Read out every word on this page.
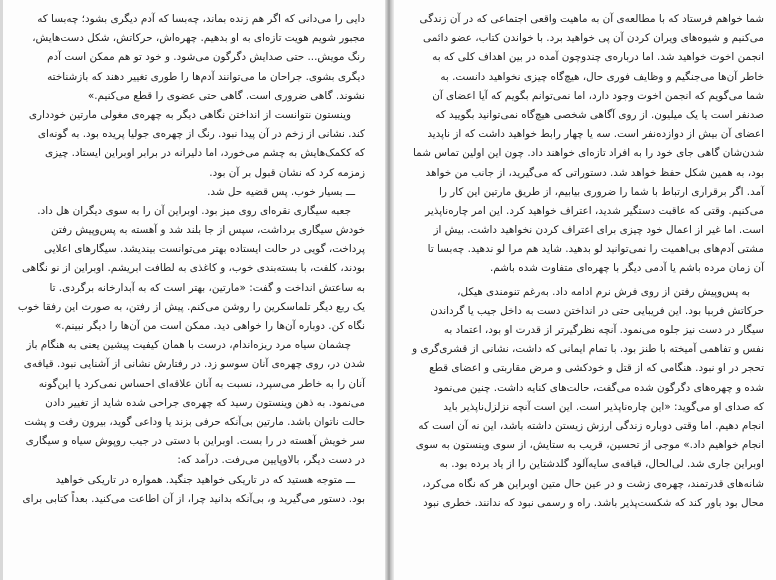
دایی را می‌دانی که اگر هم زنده بماند، چه‌بسا که آدم دیگری بشود؛ چه‌بسا که
مجبور شویم هویت تازه‌ای به او بدهیم. چهره‌اش، حرکاتش، شکل دست‌هایش،
رنگ مویش... حتی صدایش دگرگون می‌شود. و خود تو هم ممکن است آدم
دیگری بشوی. جراحان ما می‌توانند آدم‌ها را طوری تغییر دهند که بازشناخته
نشوند. گاهی ضروری است. گاهی حتی عضوی را قطع می‌کنیم.»
وینستون نتوانست از انداختن نگاهی دیگر به چهره‌ی مغولی مارتین خودداری
کند. نشانی از زخم در آن پیدا نبود. رنگ از چهره‌ی جولیا پریده بود. به گونه‌ای
که ککمک‌هایش به چشم می‌خورد، اما دلیرانه در برابر اوبراین ایستاد. چیزی
زمزمه کرد که نشان قبول بر آن بود.
ـــ بسیار خوب. پس قضیه حل شد.
جعبه سیگاری نقره‌ای روی میز بود. اوبراین آن را به سوی دیگران هل داد.
خودش سیگاری برداشت، سپس از جا بلند شد و آهسته به پس‌وپیش رفتن
پرداخت، گویی در حالت ایستاده بهتر می‌توانست بیندیشد. سیگارهای اعلایی
بودند، کلفت، با بسته‌بندی خوب، و کاغذی به لطافت ابریشم. اوبراین از نو نگاهی
به ساعتش انداخت و گفت: «مارتین، بهتر است که به آبدارخانه برگردی. تا
یک ربع دیگر تلماسکرین را روشن می‌کنم. پیش از رفتن، به صورت این رفقا خوب
نگاه کن. دوباره آن‌ها را خواهی دید. ممکن است من آن‌ها را دیگر نبینم.»
چشمان سیاه مرد ریزه‌اندام، درست با همان کیفیت پیشین یعنی به هنگام باز
شدن در، روی چهره‌ی آنان سوسو زد. در رفتارش نشانی از آشنایی نبود. قیافه‌ی
آنان را به خاطر می‌سپرد، نسبت به آنان علاقه‌ای احساس نمی‌کرد یا این‌گونه
می‌نمود. به ذهن وینستون رسید که چهره‌ی جراحی شده شاید از تغییر دادن
حالت ناتوان باشد. مارتین بی‌آنکه حرفی بزند یا وداعی گوید، بیرون رفت و پشت
سر خویش آهسته در را بست. اوبراین با دستی در جیب روپوش سیاه و سیگاری
در دست دیگر، بالاوپایین می‌رفت. درآمد که:
ـــ متوجه هستید که در تاریکی خواهید جنگید. همواره در تاریکی خواهید
بود. دستور می‌گیرید و، بی‌آنکه بدانید چرا، از آن اطاعت می‌کنید. بعداً کتابی برای
شما خواهم فرستاد که با مطالعه‌ی آن به ماهیت واقعی اجتماعی که در آن زندگی
می‌کنیم و شیوه‌های ویران کردن آن پی خواهید برد. با خواندن کتاب، عضو دائمی
انجمن اخوت خواهید شد. اما درباره‌ی چندوچون آمده در بین اهداف کلی که به
خاطر آن‌ها می‌جنگیم و وظایف فوری حال، هیچ‌گاه چیزی نخواهید دانست. به
شما می‌گویم که انجمن اخوت وجود دارد، اما نمی‌توانم بگویم که آیا اعضای آن
صدنفر است یا یک میلیون. از روی آگاهی شخصی هیچ‌گاه نمی‌توانید بگویید که
اعضای آن بیش از دوازده‌نفر است. سه یا چهار رابط خواهید داشت که از ناپدید
شدن‌شان گاهی جای خود را به افراد تازه‌ای خواهند داد. چون این اولین تماس شما
بود، به همین شکل حفظ خواهد شد. دستوراتی که می‌گیرید، از جانب من خواهد
آمد. اگر برقراری ارتباط با شما را ضروری بیابیم، از طریق مارتین این کار را
می‌کنیم. وقتی که عاقبت دستگیر شدید، اعتراف خواهید کرد. این امر چاره‌ناپذیر
است. اما غیر از اعمال خود چیزی برای اعتراف کردن نخواهید داشت. بیش از
مشتی آدم‌های بی‌اهمیت را نمی‌توانید لو بدهید. شاید هم مرا لو ندهید. چه‌بسا تا
آن زمان مرده باشم یا آدمی دیگر با چهره‌ای متفاوت شده باشم.
به پس‌وپیش رفتن از روی فرش نرم ادامه داد. به‌رغم تنومندی هیکل،
حرکاتش فربیا بود. این فریبایی حتی در انداختن دست به داخل جیب یا گرداندن
سیگار در دست نیز جلوه می‌نمود. آنچه نظرگیرتر از قدرت او بود، اعتماد به
نفس و تفاهمی آمیخته با طنز بود. با تمام ایمانی که داشت، نشانی از قشری‌گری و
تحجر در او نبود. هنگامی که از قتل و خودکشی و مرض مقاربتی و اعضای قطع
شده و چهره‌های دگرگون شده می‌گفت، حالت‌های کنایه داشت. چنین می‌نمود
که صدای او می‌گوید: «این چاره‌ناپذیر است. این است آنچه نزلزل‌ناپذیر باید
انجام دهیم. اما وقتی دوباره زندگی ارزش زیستن داشته باشد، این نه آن است که
انجام خواهیم داد.» موجی از تحسین، قریب به ستایش، از سوی وینستون به سوی
اوبراین جاری شد. لی‌الحال، قیافه‌ی سایه‌آلود گلدشتاین را از یاد برده بود. به
شانه‌های قدرتمند، چهره‌ی زشت و در عین حال متین اوبراین هر که نگاه می‌کرد،
محال بود باور کند که شکست‌پذیر باشد. راه و رسمی نبود که ندانند. خطری نبود
